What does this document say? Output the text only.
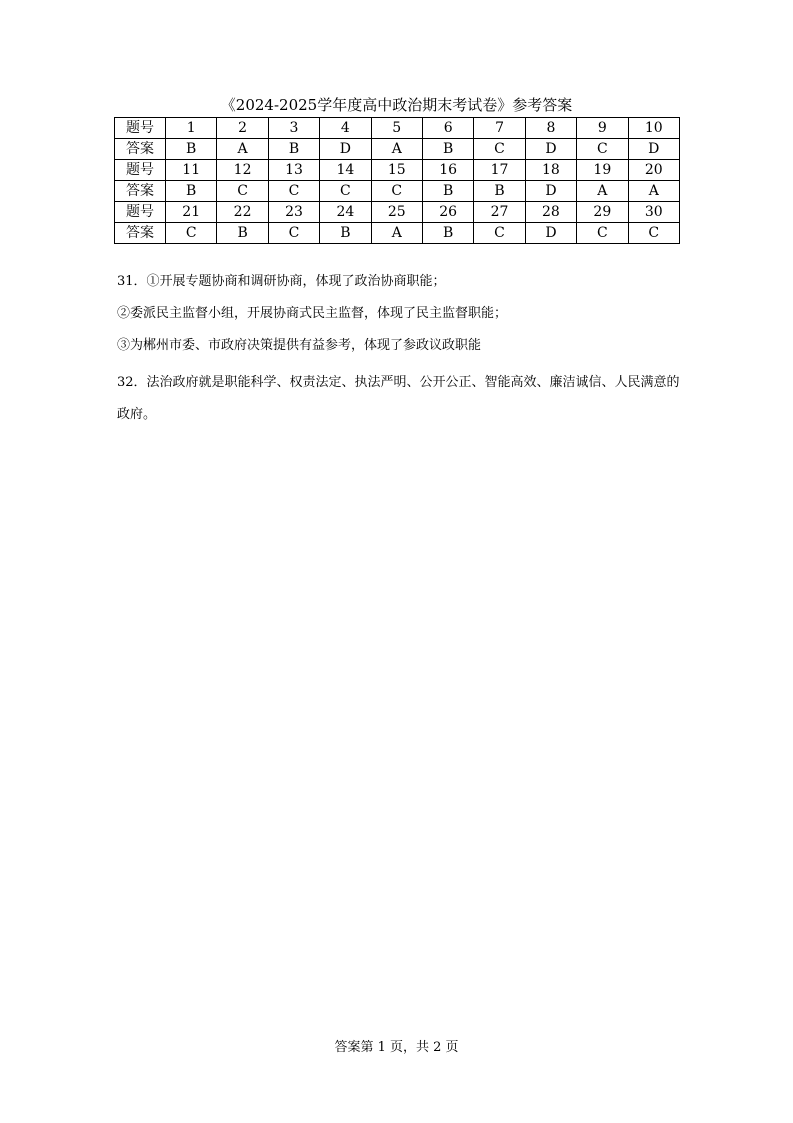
《2024-2025学年度高中政治期末考试卷》参考答案
题号	1	2	3	4	5	6	7	8	9	10
答案	B	A	B	D	A	B	C	D	C	D
题号	11	12	13	14	15	16	17	18	19	20
答案	B	C	C	C	C	B	B	D	A	A
题号	21	22	23	24	25	26	27	28	29	30
答案	C	B	C	B	A	B	C	D	C	C
31．①开展专题协商和调研协商，体现了政治协商职能；
②委派民主监督小组，开展协商式民主监督，体现了民主监督职能；
③为郴州市委、市政府决策提供有益参考，体现了参政议政职能
32．法治政府就是职能科学、权责法定、执法严明、公开公正、智能高效、廉洁诚信、人民满意的政府。
答案第 1 页，共 2 页
